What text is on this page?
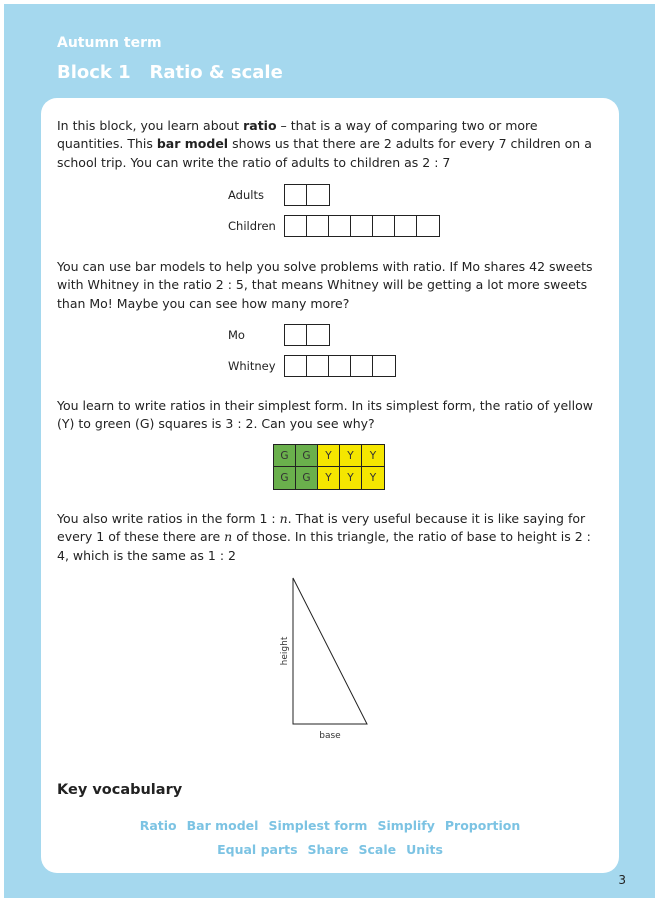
Autumn term
Block 1 Ratio & scale
In this block, you learn about ratio – that is a way of comparing two or more quantities. This bar model shows us that there are 2 adults for every 7 children on a school trip. You can write the ratio of adults to children as 2 : 7
Adults
Children
You can use bar models to help you solve problems with ratio. If Mo shares 42 sweets with Whitney in the ratio 2 : 5, that means Whitney will be getting a lot more sweets than Mo! Maybe you can see how many more?
Mo
Whitney
You learn to write ratios in their simplest form. In its simplest form, the ratio of yellow (Y) to green (G) squares is 3 : 2. Can you see why?
G	G	Y	Y	Y
G	G	Y	Y	Y
You also write ratios in the form 1 : n. That is very useful because it is like saying for every 1 of these there are n of those. In this triangle, the ratio of base to height is 2 : 4, which is the same as 1 : 2
height
base
Key vocabulary
Ratio Bar model Simplest form Simplify Proportion
Equal parts Share Scale Units
3
